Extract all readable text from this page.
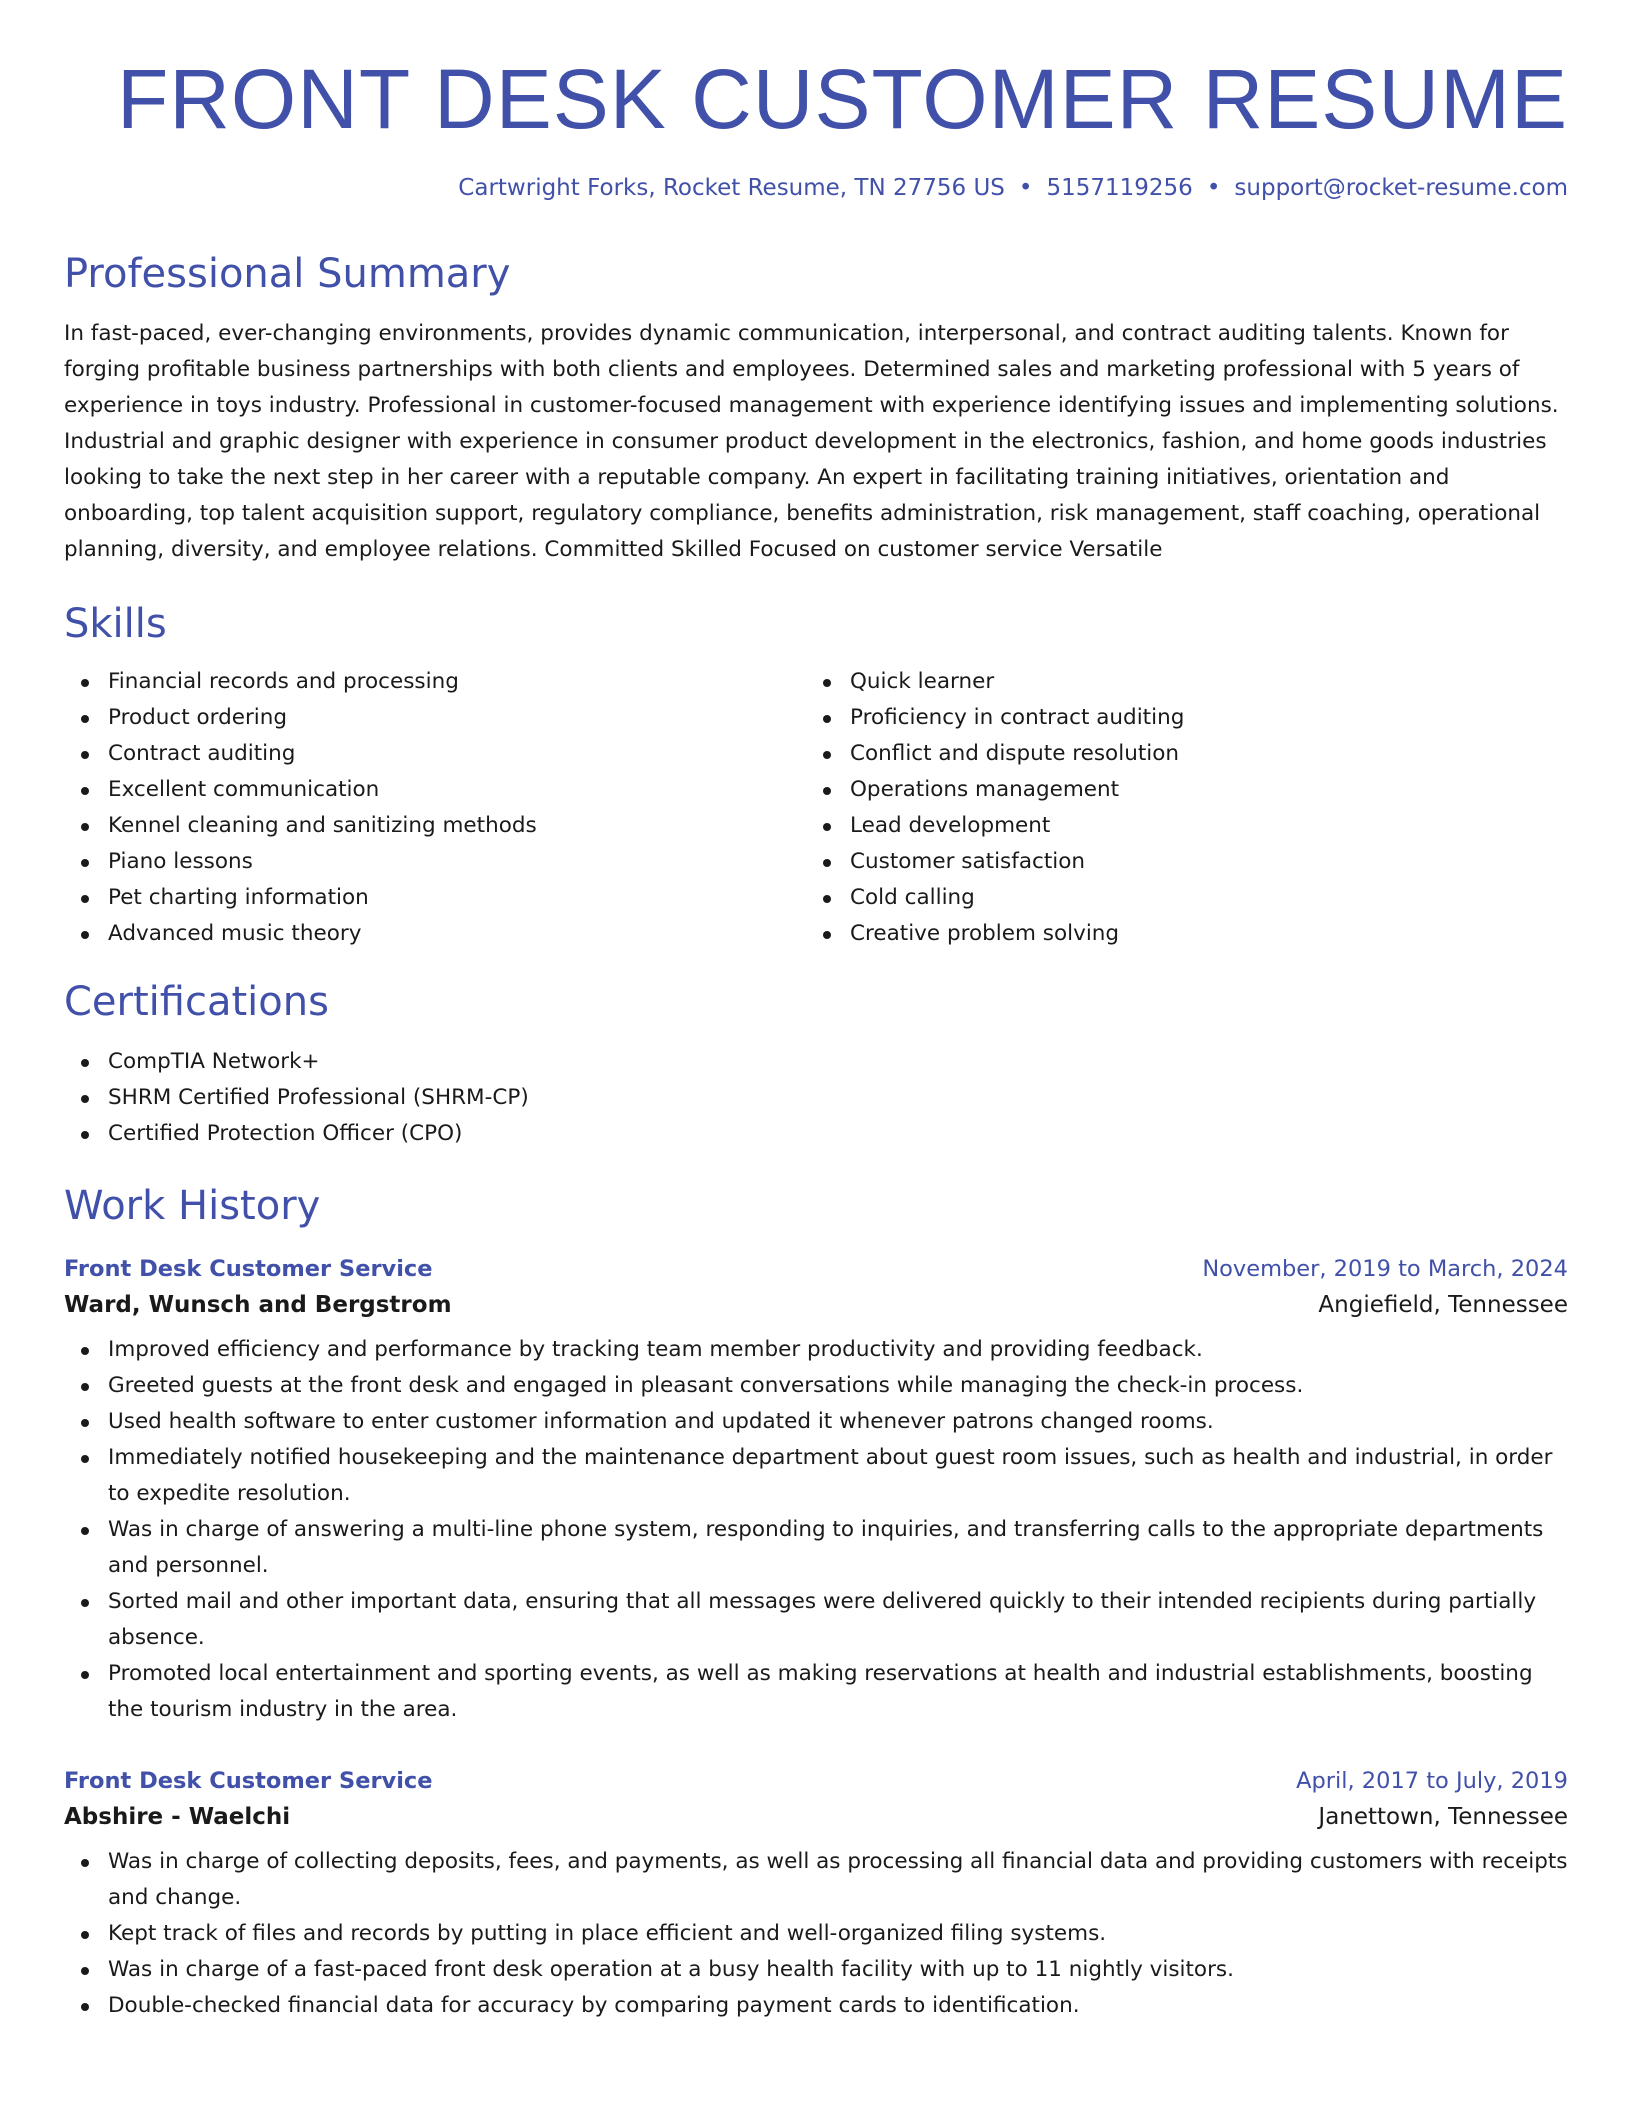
FRONT DESK CUSTOMER RESUME
Cartwright Forks, Rocket Resume, TN 27756 US • 5157119256 • support@rocket-resume.com
Professional Summary

In fast-paced, ever-changing environments, provides dynamic communication, interpersonal, and contract auditing talents. Known for forging profitable business partnerships with both clients and employees. Determined sales and marketing professional with 5 years of experience in toys industry. Professional in customer-focused management with experience identifying issues and implementing solutions. Industrial and graphic designer with experience in consumer product development in the electronics, fashion, and home goods industries looking to take the next step in her career with a reputable company. An expert in facilitating training initiatives, orientation and onboarding, top talent acquisition support, regulatory compliance, benefits administration, risk management, staff coaching, operational planning, diversity, and employee relations. Committed Skilled Focused on customer service Versatile

Skills
Financial records and processing
Product ordering
Contract auditing
Excellent communication
Kennel cleaning and sanitizing methods
Piano lessons
Pet charting information
Advanced music theory
Quick learner
Proficiency in contract auditing
Conflict and dispute resolution
Operations management
Lead development
Customer satisfaction
Cold calling
Creative problem solving
Certifications
CompTIA Network+
SHRM Certified Professional (SHRM-CP)
Certified Protection Officer (CPO)
Work History
Front Desk Customer Service	November, 2019 to March, 2024
Ward, Wunsch and Bergstrom	Angiefield, Tennessee
Improved efficiency and performance by tracking team member productivity and providing feedback.
Greeted guests at the front desk and engaged in pleasant conversations while managing the check-in process.
Used health software to enter customer information and updated it whenever patrons changed rooms.
Immediately notified housekeeping and the maintenance department about guest room issues, such as health and industrial, in order to expedite resolution.
Was in charge of answering a multi-line phone system, responding to inquiries, and transferring calls to the appropriate departments and personnel.
Sorted mail and other important data, ensuring that all messages were delivered quickly to their intended recipients during partially absence.
Promoted local entertainment and sporting events, as well as making reservations at health and industrial establishments, boosting the tourism industry in the area.
Front Desk Customer Service	April, 2017 to July, 2019
Abshire - Waelchi	Janettown, Tennessee
Was in charge of collecting deposits, fees, and payments, as well as processing all financial data and providing customers with receipts and change.
Kept track of files and records by putting in place efficient and well-organized filing systems.
Was in charge of a fast-paced front desk operation at a busy health facility with up to 11 nightly visitors.
Double-checked financial data for accuracy by comparing payment cards to identification.
